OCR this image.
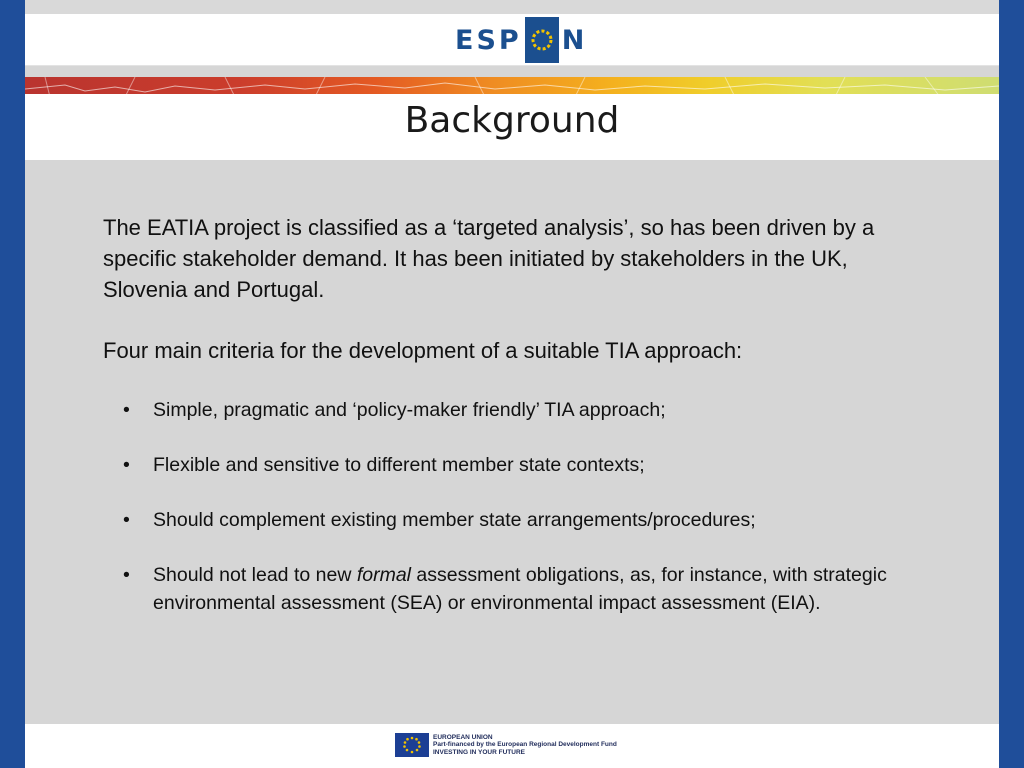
ESP N
Background

The EATIA project is classified as a ‘targeted analysis’, so has been driven by a specific stakeholder demand. It has been initiated by stakeholders in the UK, Slovenia and Portugal.

Four main criteria for the development of a suitable TIA approach:

• Simple, pragmatic and ‘policy-maker friendly’ TIA approach;
• Flexible and sensitive to different member state contexts;
• Should complement existing member state arrangements/procedures;
• Should not lead to new formal assessment obligations, as, for instance, with strategic environmental assessment (SEA) or environmental impact assessment (EIA).
EUROPEAN UNION
Part-financed by the European Regional Development Fund
INVESTING IN YOUR FUTURE
